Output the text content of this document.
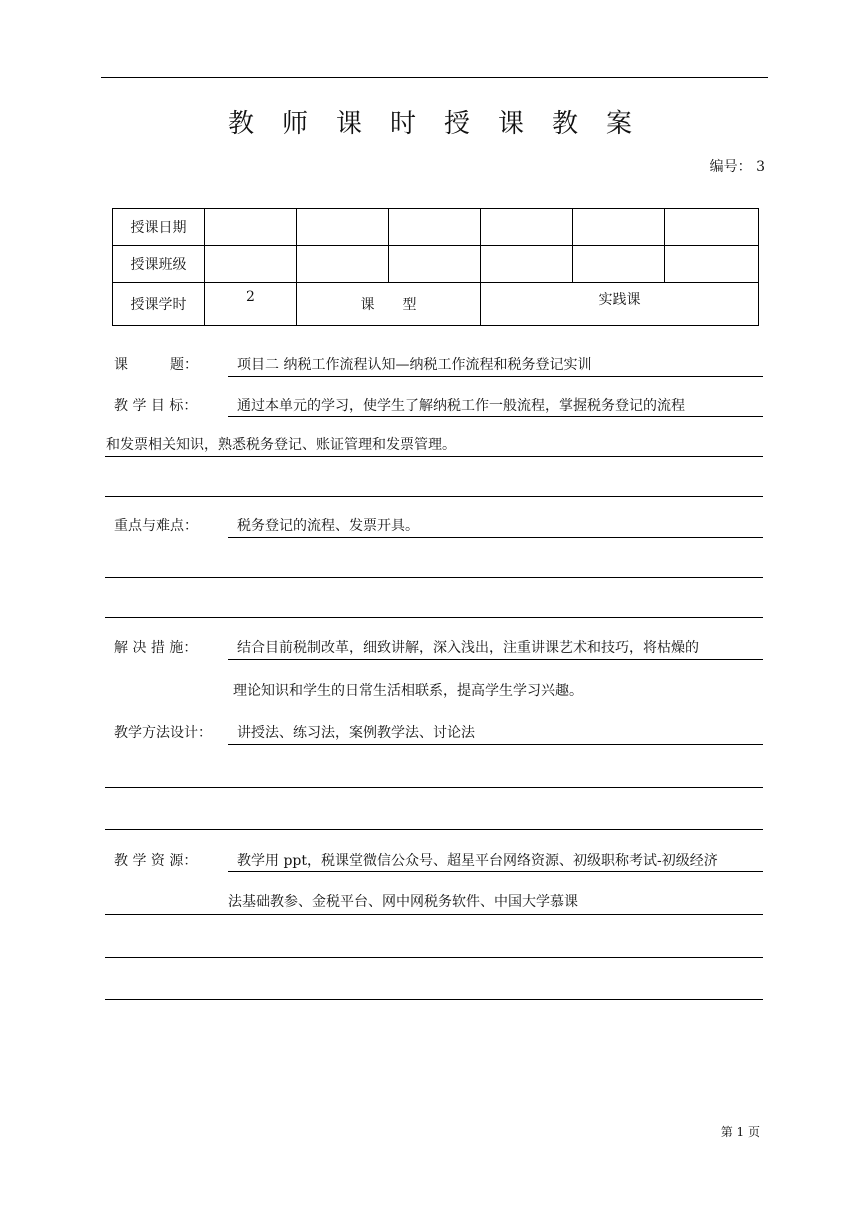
教师课时授课教案
编号： 3
授课日期						
授课班级						
授课学时	2	课　　型		实践课		
课　　　题：	项目二 纳税工作流程认知—纳税工作流程和税务登记实训
教 学 目 标：	通过本单元的学习，使学生了解纳税工作一般流程，掌握税务登记的流程
和发票相关知识，熟悉税务登记、账证管理和发票管理。
重点与难点：	税务登记的流程、发票开具。
解 决 措 施：	结合目前税制改革，细致讲解，深入浅出，注重讲课艺术和技巧，将枯燥的
理论知识和学生的日常生活相联系，提高学生学习兴趣。
教学方法设计： 讲授法、练习法，案例教学法、讨论法
教 学 资 源：	教学用 ppt，税课堂微信公众号、超星平台网络资源、初级职称考试-初级经济
法基础教参、金税平台、网中网税务软件、中国大学慕课
第 1 页
